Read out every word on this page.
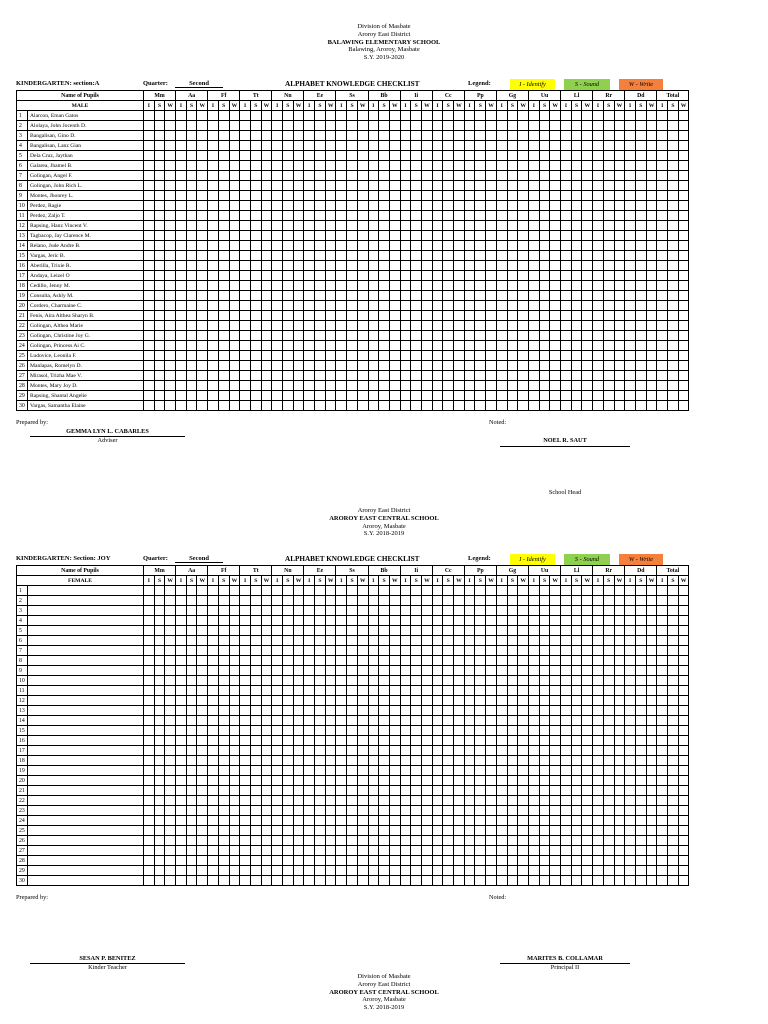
Division of Masbate
Aroroy East District
BALAWING ELEMENTARY SCHOOL
Balawing, Aroroy, Masbate
S.Y. 2019-2020
KINDERGARTEN: section:A	Quarter:	Second	ALPHABET KNOWLEDGE CHECKLIST	Legend:	I - Identify	S - Sound	W - Write
Name of Pupils		Mm			Aa			Ff			Tt			Nn			Ee			Ss			Bb			Ii			Cc			Pp			Gg			Uu			Ll			Rr			Dd			Total		
MALE		I	S	W	I	S	W	I	S	W	I	S	W	I	S	W	I	S	W	I	S	W	I	S	W	I	S	W	I	S	W	I	S	W	I	S	W	I	S	W	I	S	W	I	S	W	I	S	W	I	S	W
1	Alarcon, Eman Gatos																																																			
2	Alolaya, John Jocenth D.																																																			
3	Bangalisan, Gino D.																																																			
4	Bangalisan, Lanz Gian																																																			
5	Dela Cruz, Jaythan																																																			
6	Galarea, Jhamel B.																																																			
7	Golingan, Angel F.																																																			
8	Golingan, John Rich L.																																																			
9	Montes, Jhonrey L.																																																			
10	Perdez, Ragie																																																			
11	Perdez, Zaljo T.																																																			
12	Rapsing, Hanz Vincent V.																																																			
13	Tagbacop, Jay Clarence M.																																																			
14	Relano, Jude Andre B.																																																			
15	Vargas, Jeric B.																																																			
16	Aberilla, Trixie R.																																																			
17	Andaya, Leizel O																																																			
18	Cedillo, Jenny M.																																																			
19	Consulta, Ashly M.																																																			
20	Cordero, Charmaine C.																																																			
21	Fenis, Aira Althea Sharyn B.																																																			
22	Golingan, Althea Marie																																																			
23	Golingan, Christine Joy G.																																																			
24	Golingan, Princess Ai C.																																																			
25	Ludovice, Leonila F.																																																			
26	Manlapas, Romelyn D.																																																			
27	Mirasol, Trizha Mae V.																																																			
28	Montes, Mary Joy D.																																																			
29	Rapsing, Shantal Angelie																																																			
30	Vargas, Samantha Elaine																																																			
Prepared by:	Noted:
GEMMA LYN L. CABARLES
Adviser	NOEL R. SAUT
School Head
Aroroy East District
AROROY EAST CENTRAL SCHOOL
Aroroy, Masbate
S.Y. 2018-2019
KINDERGARTEN: Section: JOY	Quarter:	Second	ALPHABET KNOWLEDGE CHECKLIST	Legend:	I - Identify	S - Sound	W - Write
Name of Pupils		Mm			Aa			Ff			Tt			Nn			Ee			Ss			Bb			Ii			Cc			Pp			Gg			Uu			Ll			Rr			Dd			Total		
FEMALE		I	S	W	I	S	W	I	S	W	I	S	W	I	S	W	I	S	W	I	S	W	I	S	W	I	S	W	I	S	W	I	S	W	I	S	W	I	S	W	I	S	W	I	S	W	I	S	W	I	S	W
1																																																				
2																																																				
3																																																				
4																																																				
5																																																				
6																																																				
7																																																				
8																																																				
9																																																				
10																																																				
11																																																				
12																																																				
13																																																				
14																																																				
15																																																				
16																																																				
17																																																				
18																																																				
19																																																				
20																																																				
21																																																				
22																																																				
23																																																				
24																																																				
25																																																				
26																																																				
27																																																				
28																																																				
29																																																				
30																																																				
Prepared by:	Noted:
SESAN P. BENITEZ
Kinder Teacher
MARITES B. COLLAMAR
Principal II
Division of Masbate
Aroroy East District
AROROY EAST CENTRAL SCHOOL
Aroroy, Masbate
S.Y. 2018-2019
